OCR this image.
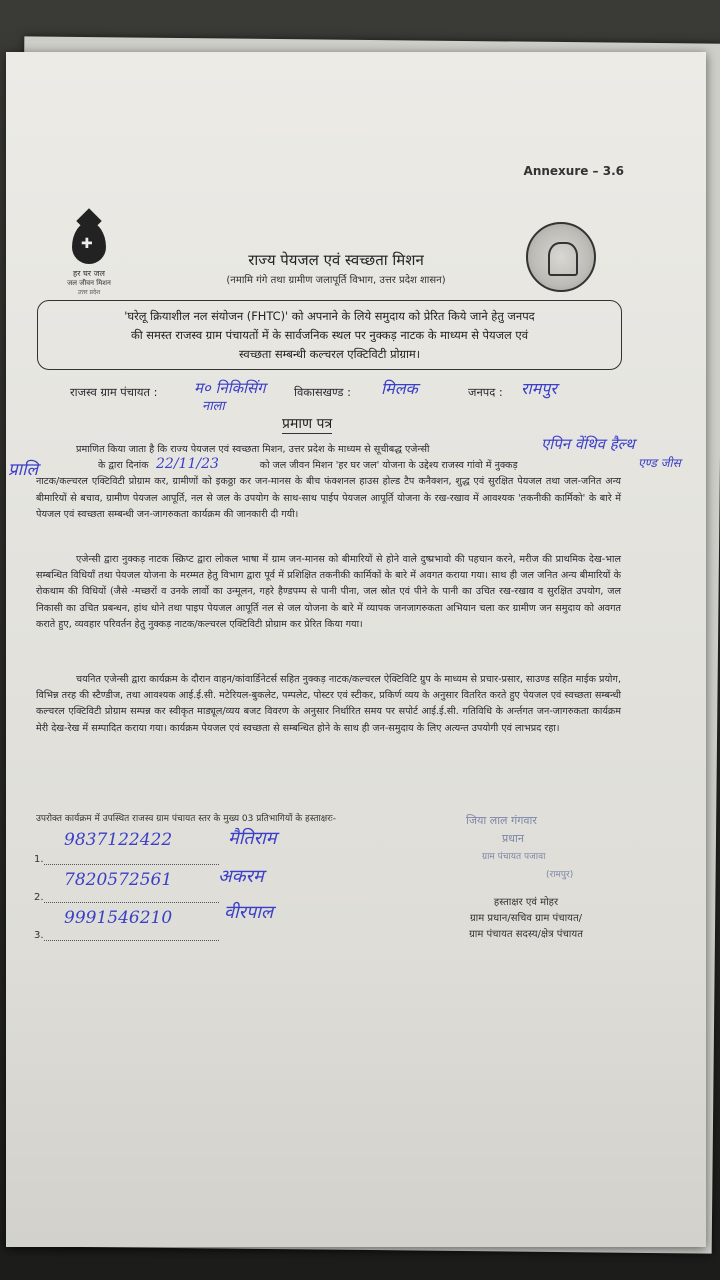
Annexure – 3.6
✚
हर घर जल
जल जीवन मिशन
उत्तर प्रदेश
राज्य पेयजल एवं स्वच्छता मिशन
(नमामि गंगे तथा ग्रामीण जलापूर्ति विभाग, उत्तर प्रदेश शासन)
'घरेलू क्रियाशील नल संयोजन (FHTC)' को अपनाने के लिये समुदाय को प्रेरित किये जाने हेतु जनपद
की समस्त राजस्व ग्राम पंचायतों में के सार्वजनिक स्थल पर नुक्कड़ नाटक के माध्यम से पेयजल एवं
स्वच्छता सम्बन्धी कल्चरल एक्टिविटी प्रोग्राम।
राजस्व ग्राम पंचायत : म० निकिसिंग
नाला
विकासखण्ड : मिलक	जनपद : रामपुर
प्रमाण पत्र
एपिन वेंथिव हैल्थ
एण्ड जीस
प्रमाणित किया जाता है कि राज्य पेयजल एवं स्वच्छता मिशन, उत्तर प्रदेश के माध्यम से सूचीबद्ध एजेन्सी
के द्वारा दिनांक	को जल जीवन मिशन 'हर घर जल' योजना के उद्देश्य राजस्व गांवो में नुक्कड़
नाटक/कल्चरल एक्टिविटी प्रोग्राम कर, ग्रामीणों को इकठ्ठा कर जन-मानस के बीच फंक्शनल हाउस होल्ड टैप कनैक्शन, शुद्ध एवं सुरक्षित पेयजल तथा जल-जनित अन्य बीमारियों से बचाव, ग्रामीण पेयजल आपूर्ति, नल से जल के उपयोग के साथ-साथ पाईप पेयजल आपूर्ति योजना के रख-रखाव में आवश्यक 'तकनीकी कार्मिको' के बारे में पेयजल एवं स्वच्छता सम्बन्धी जन-जागरुकता कार्यक्रम की जानकारी दी गयी।
प्रालि	22/11/23
एजेन्सी द्वारा नुक्कड़ नाटक स्क्रिप्ट द्वारा लोकल भाषा में ग्राम जन-मानस को बीमारियों से होने वाले दुष्प्रभावो की पहचान करने, मरीज की प्राथमिक देख-भाल सम्बन्धित विधियाँ तथा पेयजल योजना के मरम्मत हेतु विभाग द्वारा पूर्व में प्रशिक्षित तकनीकी कार्मिकों के बारे में अवगत कराया गया। साथ ही जल जनित अन्य बीमारियों के रोकथाम की विधियों (जैसे -मच्छरों व उनके लार्वो का उन्मूलन, गहरे हैण्डपम्प से पानी पीना, जल स्रोत एवं पीने के पानी का उचित रख-रखाव व सुरक्षित उपयोग, जल निकासी का उचित प्रबन्धन, हांथ धोने तथा पाइप पेयजल आपूर्ति नल से जल योजना के बारे में व्यापक जनजागरुकता अभियान चला कर ग्रामीण जन समुदाय को अवगत कराते हुए, व्यवहार परिवर्तन हेतु नुक्कड़ नाटक/कल्चरल एक्टिविटी प्रोग्राम कर प्रेरित किया गया।
चयनित एजेन्सी द्वारा कार्यक्रम के दौरान वाहन/कांवार्डिनेटर्स सहित नुक्कड़ नाटक/कल्चरल ऐक्टिविटि ग्रुप के माध्यम से प्रचार-प्रसार, साउण्ड सहित माईक प्रयोग, विभिन्न तरह की स्टैण्डीज, तथा आवश्यक आई.ई.सी. मटेरियल-बुकलेट, पम्पलेट, पोस्टर एवं स्टीकर, प्रकिर्ण व्यय के अनुसार वितरित करते हुए पेयजल एवं स्वच्छता सम्बन्धी कल्चरल एक्टिविटी प्रोग्राम सम्पन्न कर स्वीकृत माड्यूल/व्यय बजट विवरण के अनुसार निर्धारित समय पर सपोर्ट आई.ई.सी. गतिविधि के अर्न्तगत जन-जागरुकता कार्यक्रम मेरी देख-रेख में सम्पादित कराया गया। कार्यक्रम पेयजल एवं स्वच्छता से सम्बन्धित होने के साथ ही जन-समुदाय के लिए अत्यन्त उपयोगी एवं लाभप्रद रहा।
उपरोक्त कार्यक्रम में उपस्थित राजस्व ग्राम पंचायत स्तर के मुख्य 03 प्रतिभागियों के हस्ताक्षरः-
1.
9837122422	मैतिराम
2.
7820572561	अकरम
3.
9991546210	वीरपाल
जिया लाल गंगवार
प्रधान
ग्राम पंचायत पजावा
(रामपुर)
हस्ताक्षर एवं मोहर
ग्राम प्रधान/सचिव ग्राम पंचायत/
ग्राम पंचायत सदस्य/क्षेत्र पंचायत
